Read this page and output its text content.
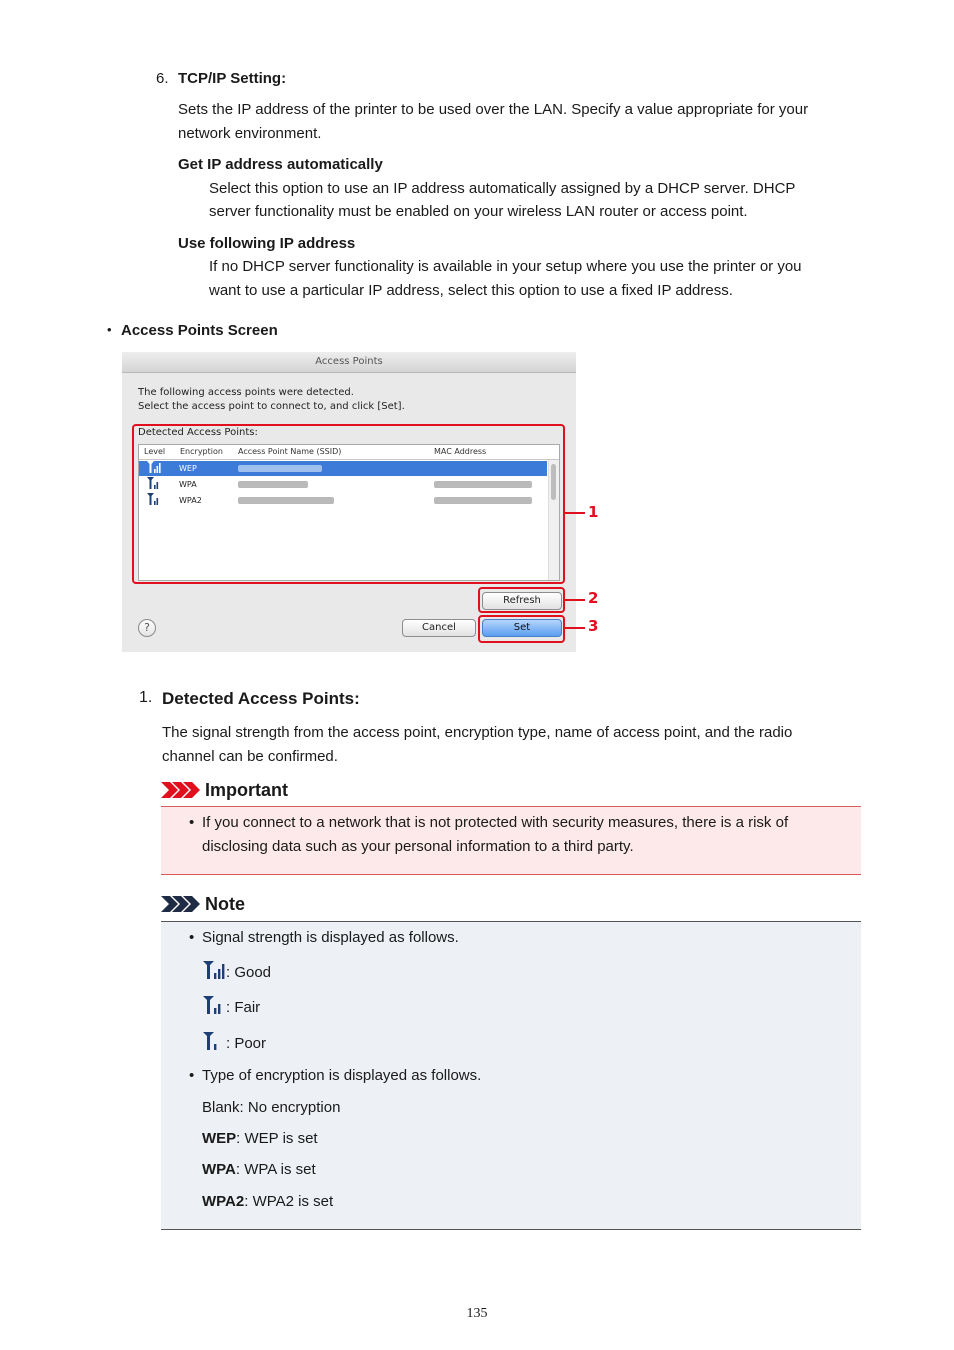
6. TCP/IP Setting:
Sets the IP address of the printer to be used over the LAN. Specify a value appropriate for your
network environment.
Get IP address automatically
Select this option to use an IP address automatically assigned by a DHCP server. DHCP
server functionality must be enabled on your wireless LAN router or access point.
Use following IP address
If no DHCP server functionality is available in your setup where you use the printer or you
want to use a particular IP address, select this option to use a fixed IP address.
• Access Points Screen
Access Points
The following access points were detected.
Select the access point to connect to, and click [Set].
Detected Access Points:
Level Encryption Access Point Name (SSID)	MAC Address
WEP
WPA
WPA2
Refresh
Cancel	Set
?
1
2
3
1. Detected Access Points:
The signal strength from the access point, encryption type, name of access point, and the radio
channel can be confirmed.
Important
• If you connect to a network that is not protected with security measures, there is a risk of
disclosing data such as your personal information to a third party.
Note
• Signal strength is displayed as follows.
: Good
: Fair
: Poor
• Type of encryption is displayed as follows.
Blank: No encryption
WEP: WEP is set
WPA: WPA is set
WPA2: WPA2 is set
135
